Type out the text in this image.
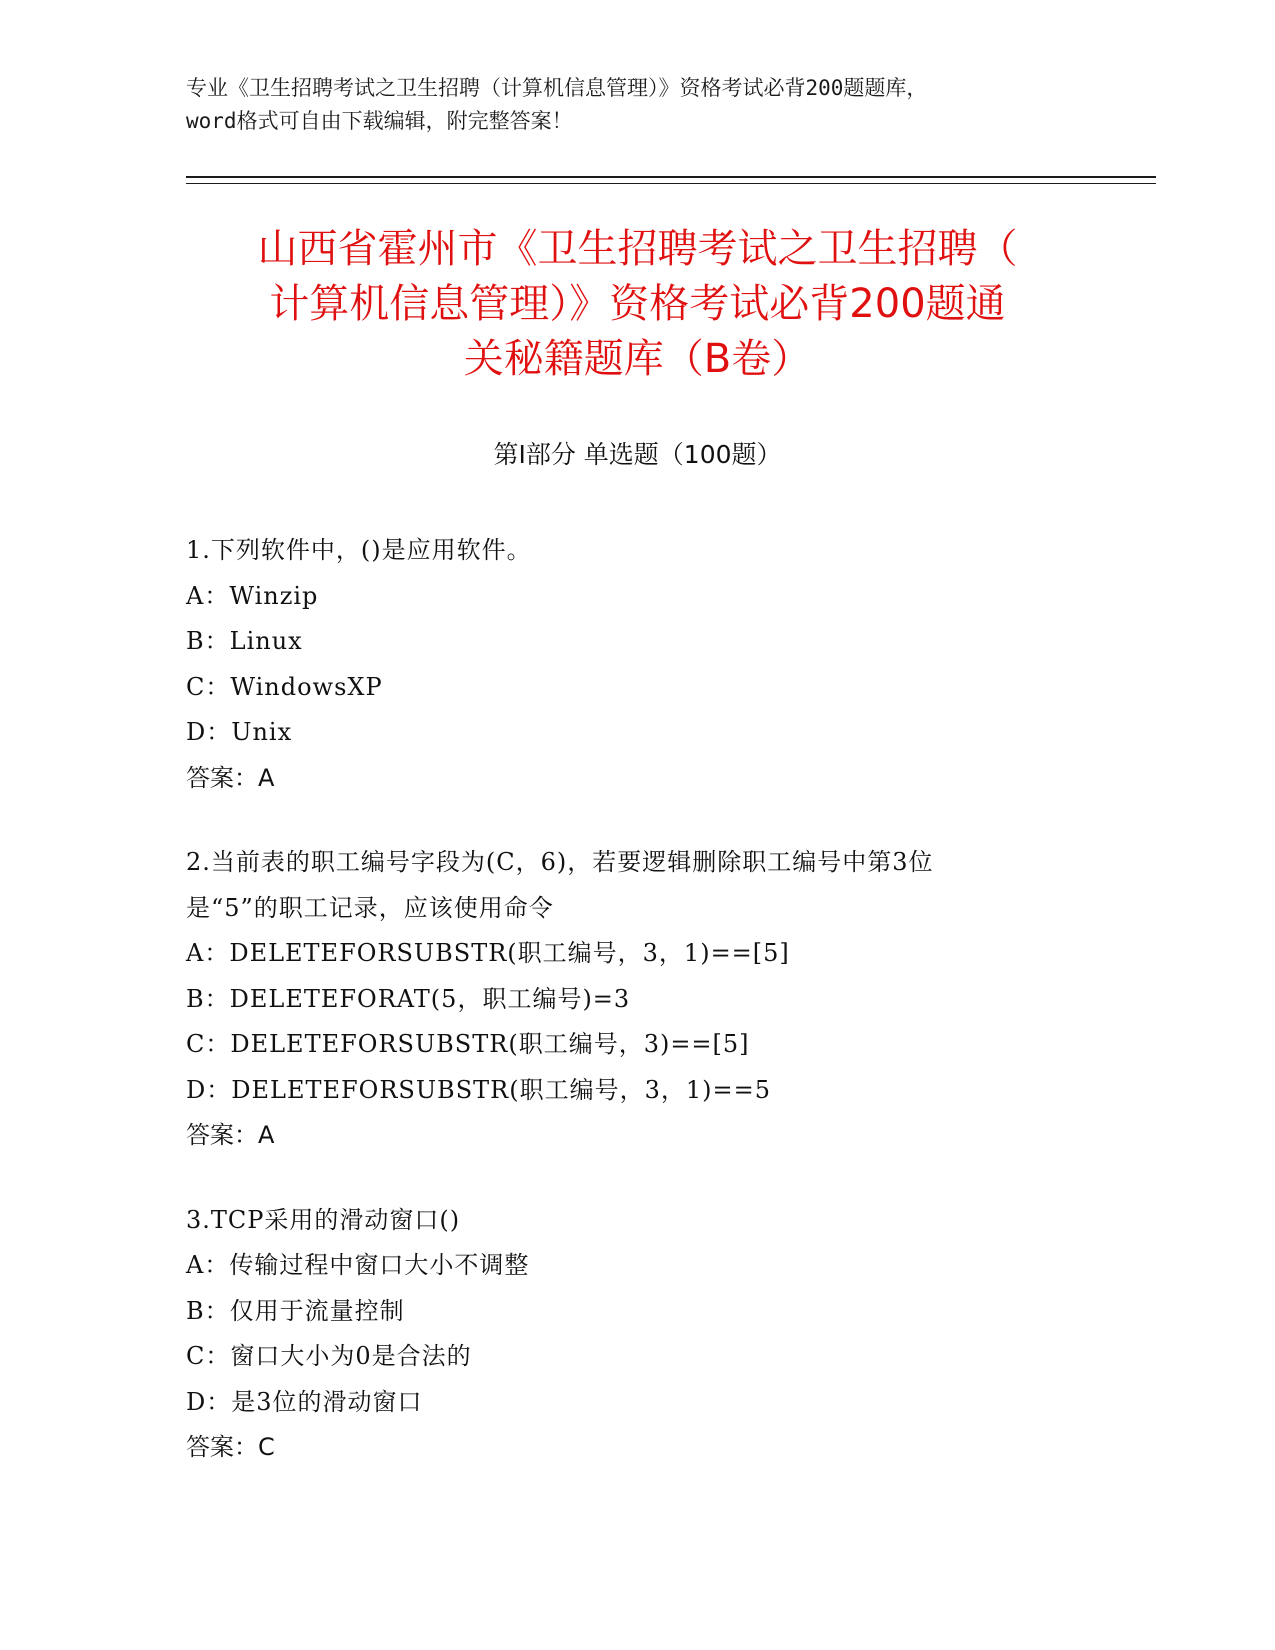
专业《卫生招聘考试之卫生招聘（计算机信息管理）》资格考试必背200题题库，
word格式可自由下载编辑，附完整答案！
山西省霍州市《卫生招聘考试之卫生招聘（
计算机信息管理）》资格考试必背200题通
关秘籍题库（B卷）
第Ⅰ部分 单选题（100题）
1.下列软件中，()是应用软件。
A：Winzip
B：Linux
C：WindowsXP
D：Unix
答案：A
2.当前表的职工编号字段为(C，6)，若要逻辑删除职工编号中第3位
是“5”的职工记录，应该使用命令
A：DELETEFORSUBSTR(职工编号，3，1)==[5]
B：DELETEFORAT(5，职工编号)=3
C：DELETEFORSUBSTR(职工编号，3)==[5]
D：DELETEFORSUBSTR(职工编号，3，1)==5
答案：A
3.TCP采用的滑动窗口()
A：传输过程中窗口大小不调整
B：仅用于流量控制
C：窗口大小为0是合法的
D：是3位的滑动窗口
答案：C
